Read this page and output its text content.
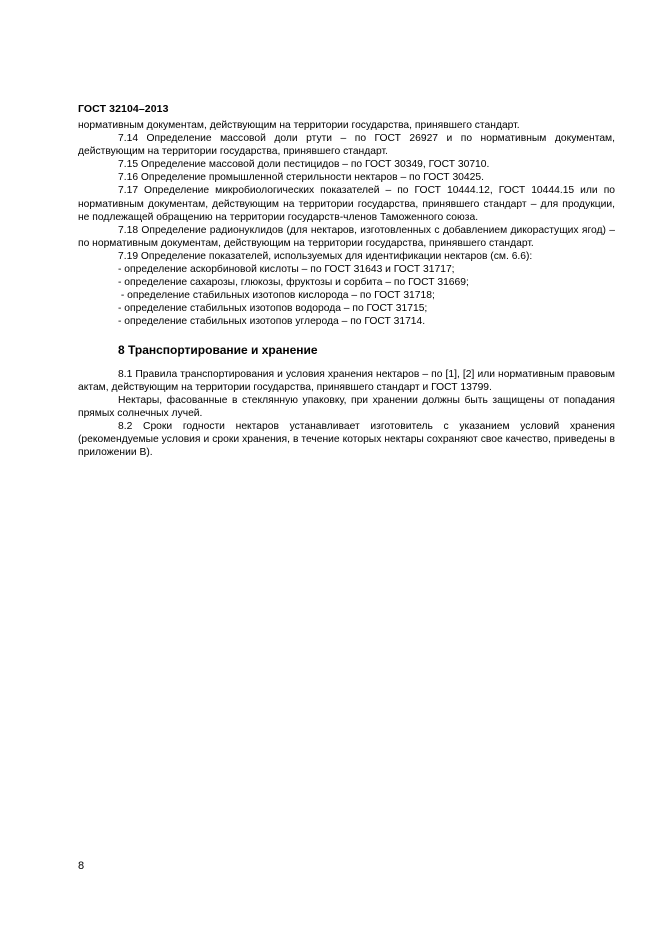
ГОСТ 32104–2013

нормативным документам, действующим на территории государства, принявшего стандарт.

7.14 Определение массовой доли ртути – по ГОСТ 26927 и по нормативным документам, действующим на территории государства, принявшего стандарт.

7.15 Определение массовой доли пестицидов – по ГОСТ 30349, ГОСТ 30710.

7.16 Определение промышленной стерильности нектаров – по ГОСТ 30425.

7.17 Определение микробиологических показателей – по ГОСТ 10444.12, ГОСТ 10444.15 или по нормативным документам, действующим на территории государства, принявшего стандарт – для продукции, не подлежащей обращению на территории государств-членов Таможенного союза.

7.18 Определение радионуклидов (для нектаров, изготовленных с добавлением дикорастущих ягод) – по нормативным документам, действующим на территории государства, принявшего стандарт.

7.19 Определение показателей, используемых для идентификации нектаров (см. 6.6):

- определение аскорбиновой кислоты – по ГОСТ 31643 и ГОСТ 31717;

- определение сахарозы, глюкозы, фруктозы и сорбита – по ГОСТ 31669;

- определение стабильных изотопов кислорода – по ГОСТ 31718;

- определение стабильных изотопов водорода – по ГОСТ 31715;

- определение стабильных изотопов углерода – по ГОСТ 31714.

8 Транспортирование и хранение

8.1 Правила транспортирования и условия хранения нектаров – по [1], [2] или нормативным правовым актам, действующим на территории государства, принявшего стандарт и ГОСТ 13799.

Нектары, фасованные в стеклянную упаковку, при хранении должны быть защищены от попадания прямых солнечных лучей.

8.2 Сроки годности нектаров устанавливает изготовитель с указанием условий хранения (рекомендуемые условия и сроки хранения, в течение которых нектары сохраняют свое качество, приведены в приложении В).

8
